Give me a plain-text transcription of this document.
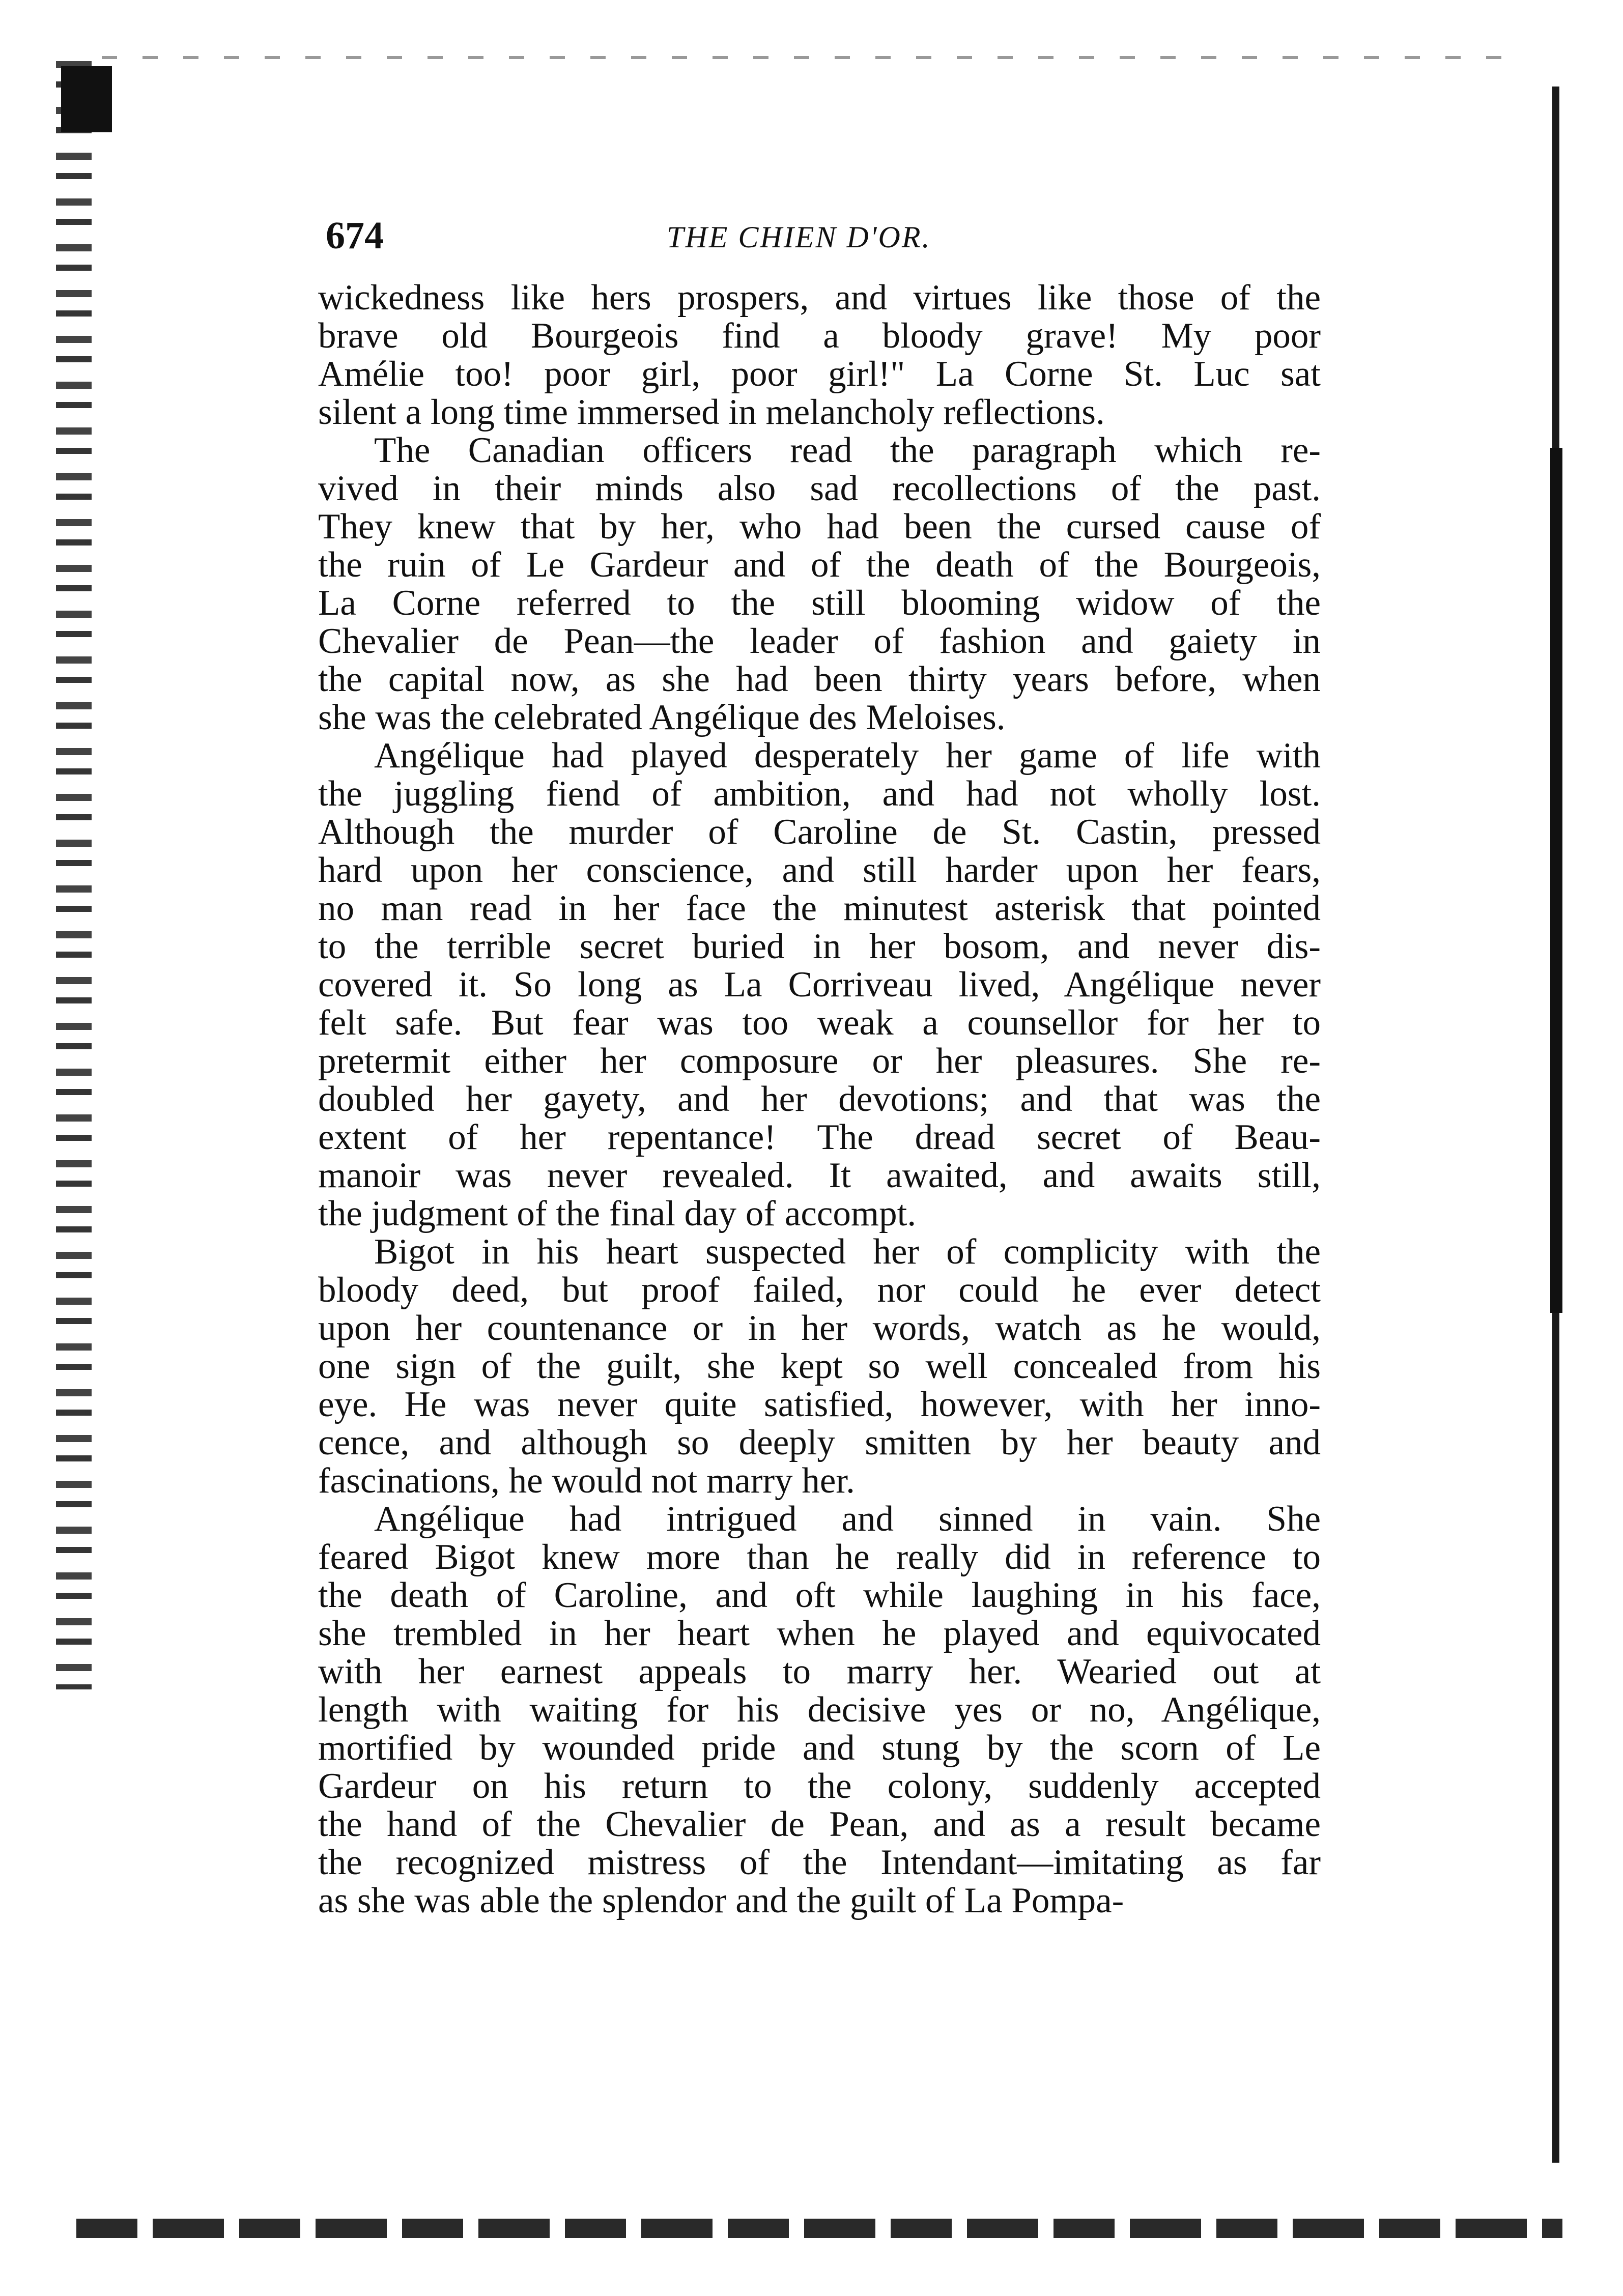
674	THE CHIEN D'OR.

wickedness like hers prospers, and virtues like those of the
brave old Bourgeois find a bloody grave! My poor
Amélie too! poor girl, poor girl!" La Corne St. Luc sat
silent a long time immersed in melancholy reflections.

The Canadian officers read the paragraph which re-
vived in their minds also sad recollections of the past.
They knew that by her, who had been the cursed cause of
the ruin of Le Gardeur and of the death of the Bourgeois,
La Corne referred to the still blooming widow of the
Chevalier de Pean—the leader of fashion and gaiety in
the capital now, as she had been thirty years before, when
she was the celebrated Angélique des Meloises.

Angélique had played desperately her game of life with
the juggling fiend of ambition, and had not wholly lost.
Although the murder of Caroline de St. Castin, pressed
hard upon her conscience, and still harder upon her fears,
no man read in her face the minutest asterisk that pointed
to the terrible secret buried in her bosom, and never dis-
covered it. So long as La Corriveau lived, Angélique never
felt safe. But fear was too weak a counsellor for her to
pretermit either her composure or her pleasures. She re-
doubled her gayety, and her devotions; and that was the
extent of her repentance! The dread secret of Beau-
manoir was never revealed. It awaited, and awaits still,
the judgment of the final day of accompt.

Bigot in his heart suspected her of complicity with the
bloody deed, but proof failed, nor could he ever detect
upon her countenance or in her words, watch as he would,
one sign of the guilt, she kept so well concealed from his
eye. He was never quite satisfied, however, with her inno-
cence, and although so deeply smitten by her beauty and
fascinations, he would not marry her.

Angélique had intrigued and sinned in vain. She
feared Bigot knew more than he really did in reference to
the death of Caroline, and oft while laughing in his face,
she trembled in her heart when he played and equivocated
with her earnest appeals to marry her. Wearied out at
length with waiting for his decisive yes or no, Angélique,
mortified by wounded pride and stung by the scorn of Le
Gardeur on his return to the colony, suddenly accepted
the hand of the Chevalier de Pean, and as a result became
the recognized mistress of the Intendant—imitating as far
as she was able the splendor and the guilt of La Pompa-
